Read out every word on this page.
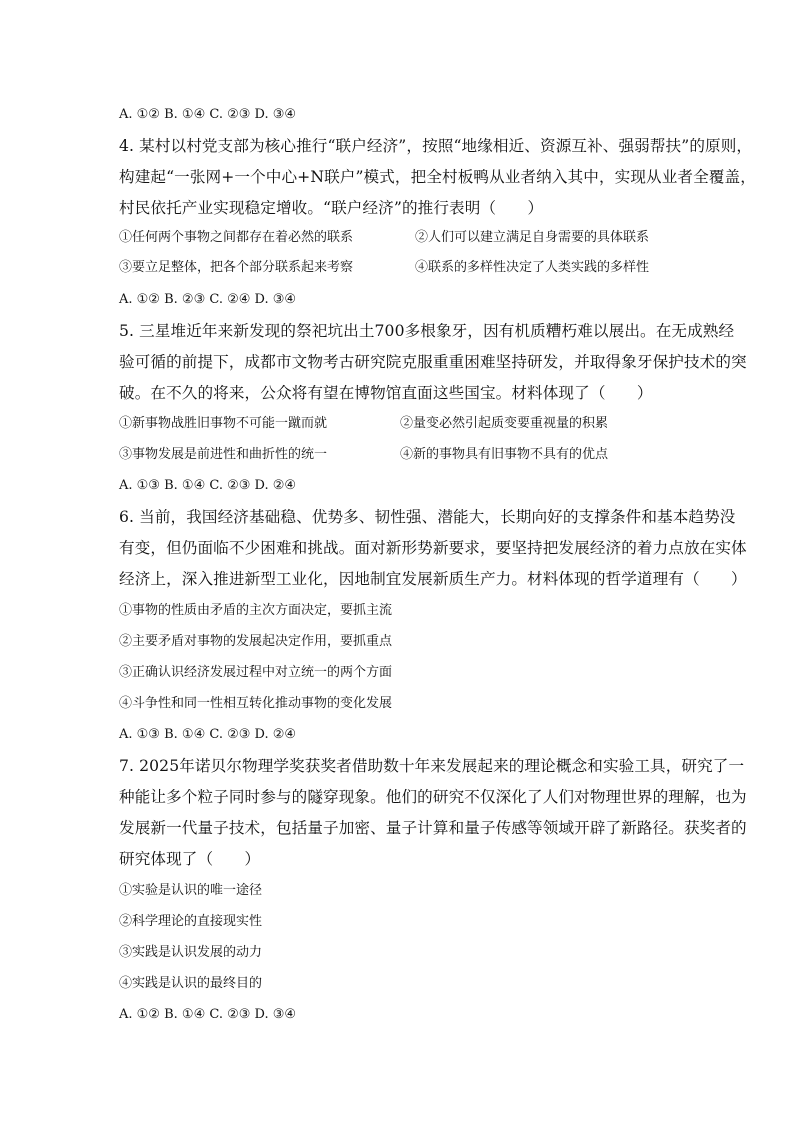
A. ①② B. ①④ C. ②③ D. ③④
4. 某村以村党支部为核心推行“联户经济”，按照“地缘相近、资源互补、强弱帮扶”的原则，
构建起“一张网+一个中心+N联户”模式，把全村板鸭从业者纳入其中，实现从业者全覆盖，
村民依托产业实现稳定增收。“联户经济”的推行表明（　　）
①任何两个事物之间都存在着必然的联系	②人们可以建立满足自身需要的具体联系
③要立足整体，把各个部分联系起来考察	④联系的多样性决定了人类实践的多样性
A. ①② B. ②③ C. ②④ D. ③④
5. 三星堆近年来新发现的祭祀坑出土700多根象牙，因有机质糟朽难以展出。在无成熟经
验可循的前提下，成都市文物考古研究院克服重重困难坚持研发，并取得象牙保护技术的突
破。在不久的将来，公众将有望在博物馆直面这些国宝。材料体现了（　　）
①新事物战胜旧事物不可能一蹴而就	②量变必然引起质变要重视量的积累
③事物发展是前进性和曲折性的统一	④新的事物具有旧事物不具有的优点
A. ①③ B. ①④ C. ②③ D. ②④
6. 当前，我国经济基础稳、优势多、韧性强、潜能大，长期向好的支撑条件和基本趋势没
有变，但仍面临不少困难和挑战。面对新形势新要求，要坚持把发展经济的着力点放在实体
经济上，深入推进新型工业化，因地制宜发展新质生产力。材料体现的哲学道理有（　　）
①事物的性质由矛盾的主次方面决定，要抓主流
②主要矛盾对事物的发展起决定作用，要抓重点
③正确认识经济发展过程中对立统一的两个方面
④斗争性和同一性相互转化推动事物的变化发展
A. ①③ B. ①④ C. ②③ D. ②④
7. 2025年诺贝尔物理学奖获奖者借助数十年来发展起来的理论概念和实验工具，研究了一
种能让多个粒子同时参与的隧穿现象。他们的研究不仅深化了人们对物理世界的理解，也为
发展新一代量子技术，包括量子加密、量子计算和量子传感等领域开辟了新路径。获奖者的
研究体现了（　　）
①实验是认识的唯一途径
②科学理论的直接现实性
③实践是认识发展的动力
④实践是认识的最终目的
A. ①② B. ①④ C. ②③ D. ③④
